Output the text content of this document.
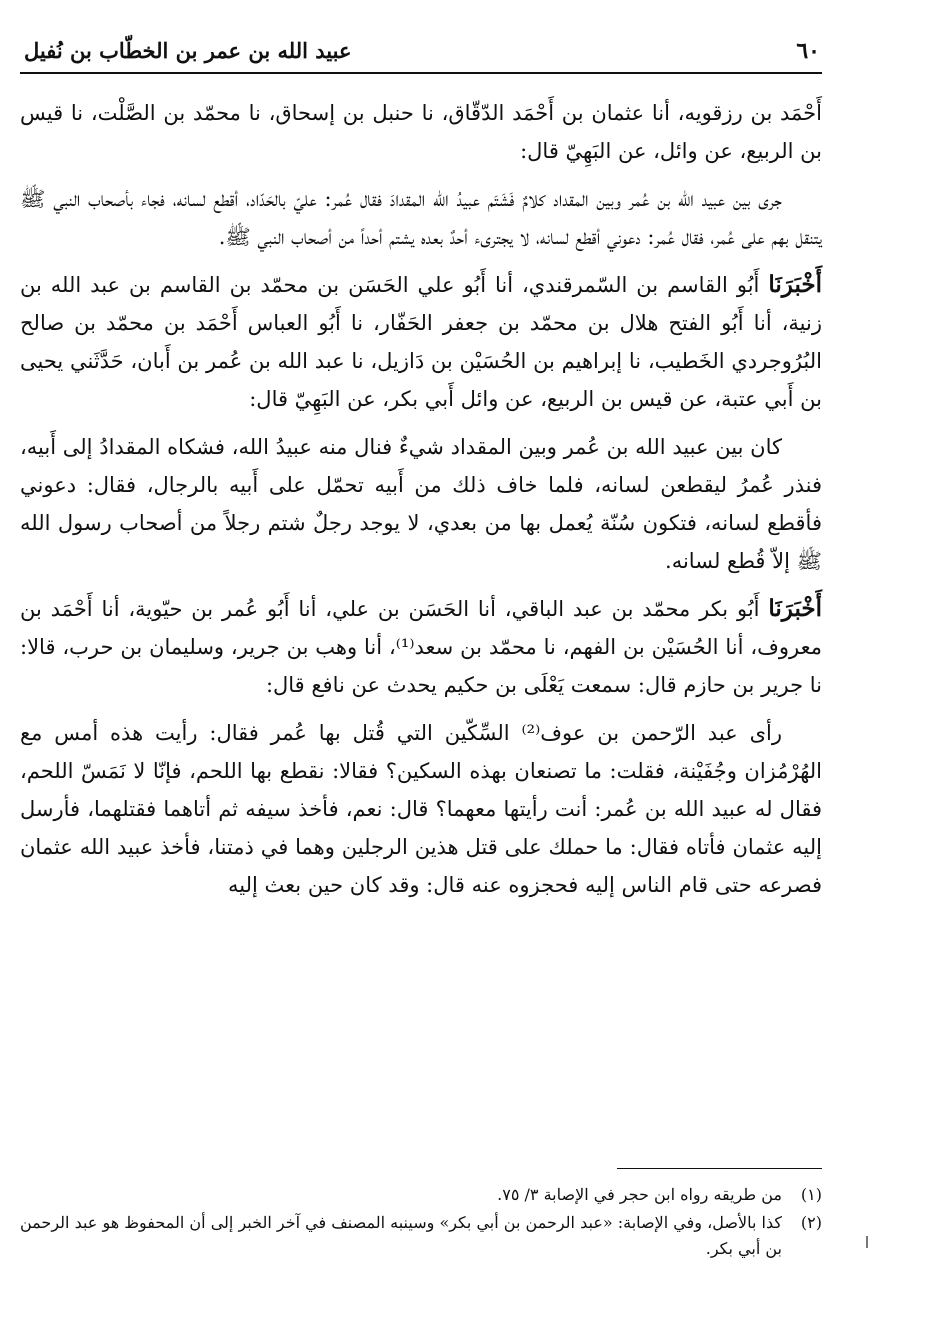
٦٠
عبيد الله بن عمر بن الخطّاب بن نُفيل

أَحْمَد بن رزقويه، أنا عثمان بن أَحْمَد الدّقّاق، نا حنبل بن إسحاق، نا محمّد بن الصَّلْت، نا قيس بن الربيع، عن وائل، عن البَهِيّ قال:

جرى بين عبيد الله بن عُمر وبين المقداد كلامٌ فَشَتَم عبيدُ الله المقدادَ فقال عُمر: عليّ بالحَدّاد، أقطع لسانه، فجاء بأصحاب النبي ﷺ يتنقل بهم على عُمر، فقال عُمر: دعوني أقطع لسانه، لا يجترىء أحدٌ بعده يشتم أحداً من أصحاب النبي ﷺ.

أَخْبَرَنَا أَبُو القاسم بن السّمرقندي، أنا أَبُو علي الحَسَن بن محمّد بن القاسم بن عبد الله بن زنية، أنا أَبُو الفتح هلال بن محمّد بن جعفر الحَفّار، نا أَبُو العباس أَحْمَد بن محمّد بن صالح البُرُوجردي الخَطيب، نا إبراهيم بن الحُسَيْن بن دَازيل، نا عبد الله بن عُمر بن أَبان، حَدَّثَني يحيى بن أَبي عتبة، عن قيس بن الربيع، عن وائل أَبي بكر، عن البَهِيّ قال:

كان بين عبيد الله بن عُمر وبين المقداد شيءٌ فنال منه عبيدُ الله، فشكاه المقدادُ إلى أَبيه، فنذر عُمرُ ليقطعن لسانه، فلما خاف ذلك من أَبيه تحمّل على أَبيه بالرجال، فقال: دعوني فأقطع لسانه، فتكون سُنّة يُعمل بها من بعدي، لا يوجد رجلٌ شتم رجلاً من أصحاب رسول الله ﷺ إلاّ قُطع لسانه.

أَخْبَرَنَا أَبُو بكر محمّد بن عبد الباقي، أنا الحَسَن بن علي، أنا أَبُو عُمر بن حيّوية، أنا أَحْمَد بن معروف، أنا الحُسَيْن بن الفهم، نا محمّد بن سعد⁽¹⁾، أنا وهب بن جرير، وسليمان بن حرب، قالا: نا جرير بن حازم قال: سمعت يَعْلَى بن حكيم يحدث عن نافع قال:

رأى عبد الرّحمن بن عوف⁽²⁾ السِّكّين التي قُتل بها عُمر فقال: رأيت هذه أمس مع الهُرْمُزان وجُفَيْنة، فقلت: ما تصنعان بهذه السكين؟ فقالا: نقطع بها اللحم، فإنّا لا نَمَسّ اللحم، فقال له عبيد الله بن عُمر: أنت رأيتها معهما؟ قال: نعم، فأخذ سيفه ثم أتاهما فقتلهما، فأرسل إليه عثمان فأتاه فقال: ما حملك على قتل هذين الرجلين وهما في ذمتنا، فأخذ عبيد الله عثمان فصرعه حتى قام الناس إليه فحجزوه عنه قال: وقد كان حين بعث إليه

(١)
من طريقه رواه ابن حجر في الإصابة ٣/ ٧٥.
(٢)
كذا بالأصل، وفي الإصابة: «عبد الرحمن بن أبي بكر» وسينبه المصنف في آخر الخبر إلى أن المحفوظ هو عبد الرحمن بن أبي بكر.
